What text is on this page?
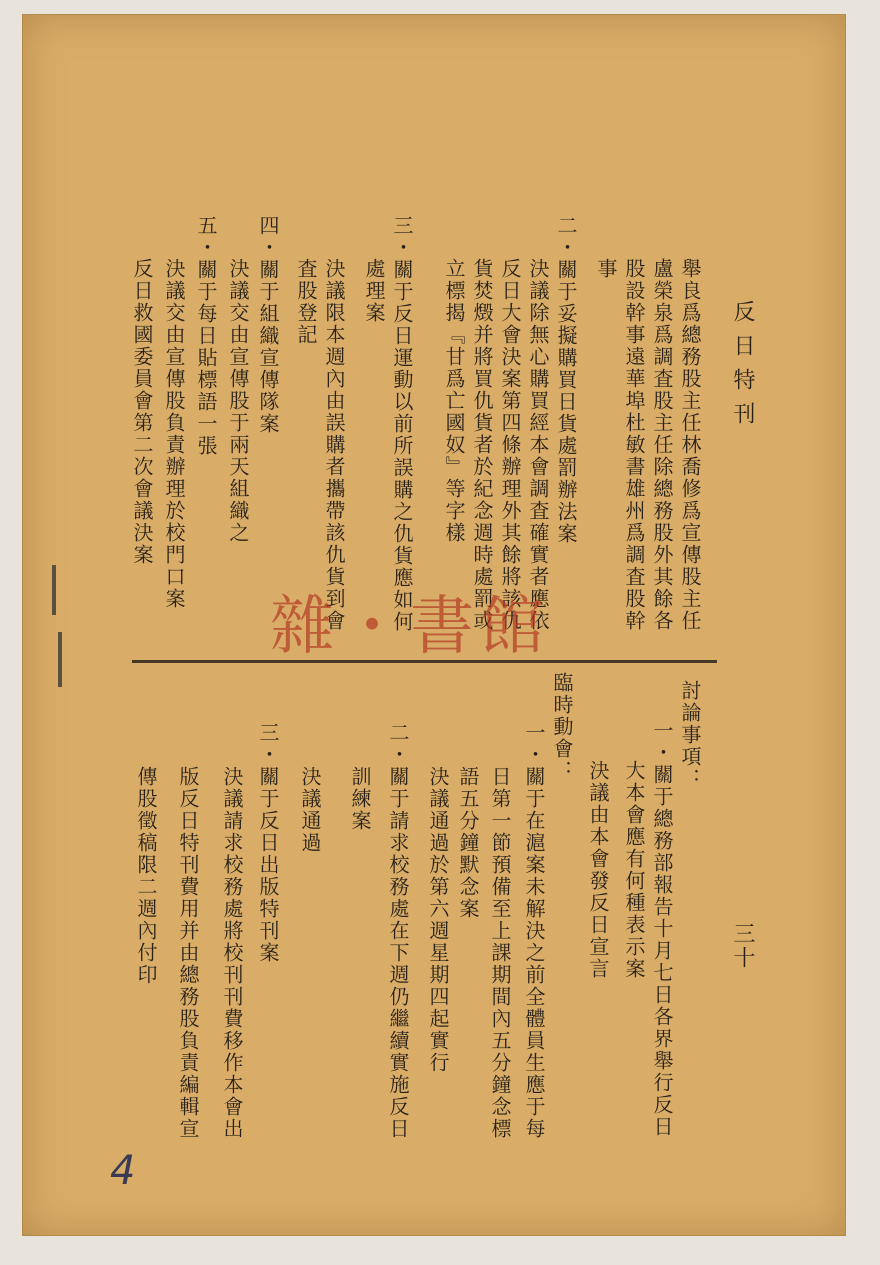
反日特刊
三十
舉良爲總務股主任林喬修爲宣傳股主任
盧榮泉爲調査股主任除總務股外其餘各
股設幹事遠華埠杜敏書雄州爲調査股幹
事
二・關于妥擬購買日貨處罰辦法案
決議除無心購買經本會調査確實者應依
反日大會決案第四條辦理外其餘將該仇
貨焚燬并將買仇貨者於紀念週時處罰或
立標揭『甘爲亡國奴』等字樣
三・關于反日運動以前所誤購之仇貨應如何
處理案
決議限本週內由誤購者攜帶該仇貨到會
査股登記
四・關于組織宣傳隊案
決議交由宣傳股于兩天組織之
五・關于每日貼標語一張
決議交由宣傳股負責辦理於校門口案
反日救國委員會第二次會議決案
討論事項：
一・關于總務部報告十月七日各界舉行反日
大本會應有何種表示案
決議由本會發反日宣言
臨時動會：
一・關于在滬案未解決之前全體員生應于每
日第一節預備至上課期間內五分鐘念標
語五分鐘默念案
決議通過於第六週星期四起實行
二・關于請求校務處在下週仍繼續實施反日
訓練案
決議通過
三・關于反日出版特刊案
決議請求校務處將校刊刊費移作本會出
版反日特刊費用并由總務股負責編輯宣
傳股徵稿限二週內付印
雜・書館
4
